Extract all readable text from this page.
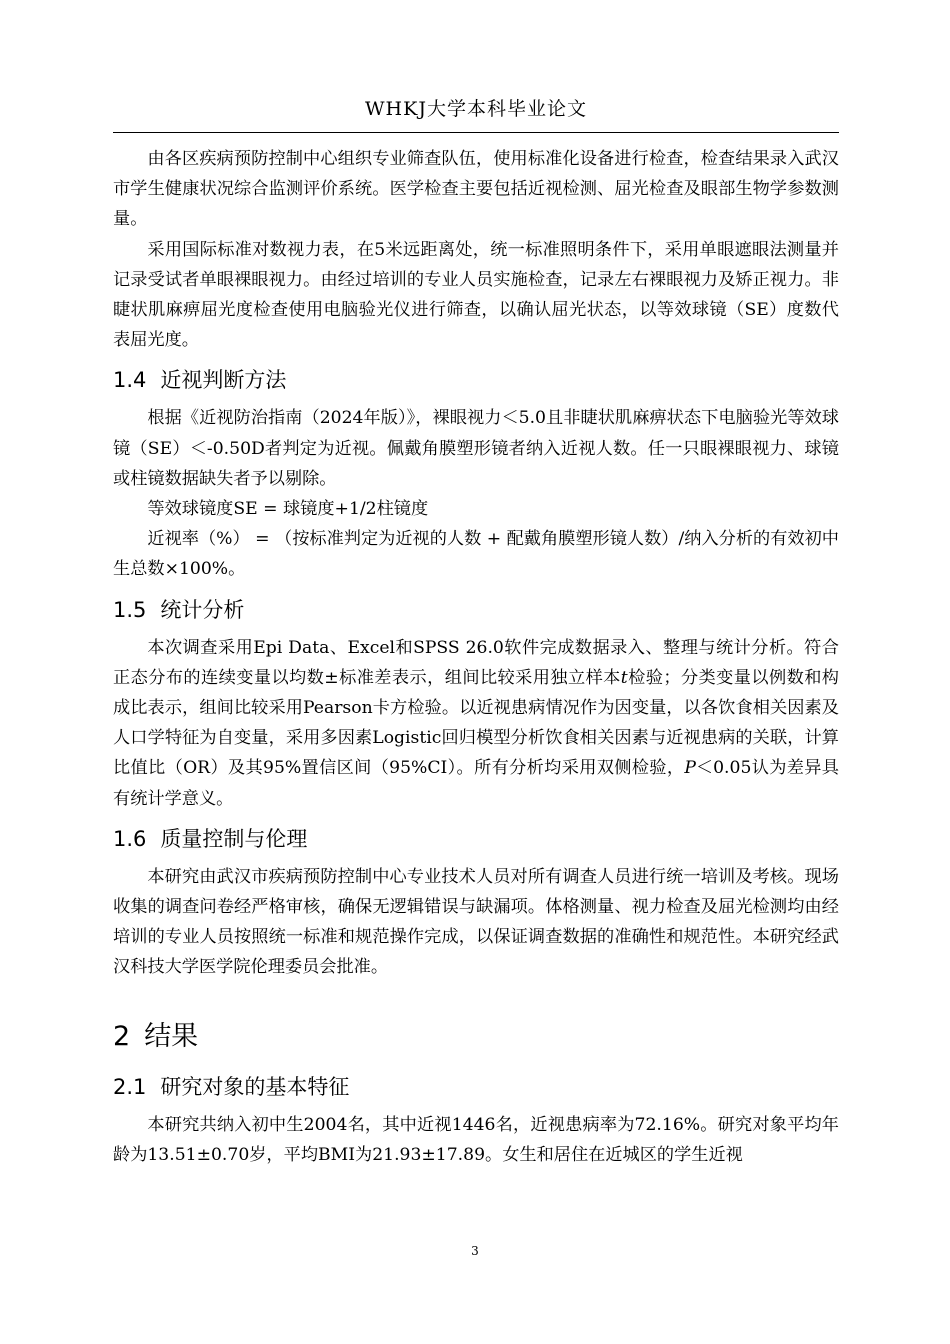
WHKJ大学本科毕业论文

由各区疾病预防控制中心组织专业筛查队伍，使用标准化设备进行检查，检查结果录入武汉市学生健康状况综合监测评价系统。医学检查主要包括近视检测、屈光检查及眼部生物学参数测量。

采用国际标准对数视力表，在5米远距离处，统一标准照明条件下，采用单眼遮眼法测量并记录受试者单眼裸眼视力。由经过培训的专业人员实施检查，记录左右裸眼视力及矫正视力。非睫状肌麻痹屈光度检查使用电脑验光仪进行筛查，以确认屈光状态，以等效球镜（SE）度数代表屈光度。

1.4 近视判断方法

根据《近视防治指南（2024年版）》，裸眼视力＜5.0且非睫状肌麻痹状态下电脑验光等效球镜（SE）＜-0.50D者判定为近视。佩戴角膜塑形镜者纳入近视人数。任一只眼裸眼视力、球镜或柱镜数据缺失者予以剔除。

等效球镜度SE = 球镜度+1/2柱镜度

近视率（%） = （按标准判定为近视的人数 + 配戴角膜塑形镜人数）/纳入分析的有效初中生总数×100%。

1.5 统计分析

本次调查采用Epi Data、Excel和SPSS 26.0软件完成数据录入、整理与统计分析。符合正态分布的连续变量以均数±标准差表示，组间比较采用独立样本t检验；分类变量以例数和构成比表示，组间比较采用Pearson卡方检验。以近视患病情况作为因变量，以各饮食相关因素及人口学特征为自变量，采用多因素Logistic回归模型分析饮食相关因素与近视患病的关联，计算比值比（OR）及其95%置信区间（95%CI）。所有分析均采用双侧检验，P＜0.05认为差异具有统计学意义。

1.6 质量控制与伦理

本研究由武汉市疾病预防控制中心专业技术人员对所有调查人员进行统一培训及考核。现场收集的调查问卷经严格审核，确保无逻辑错误与缺漏项。体格测量、视力检查及屈光检测均由经培训的专业人员按照统一标准和规范操作完成，以保证调查数据的准确性和规范性。本研究经武汉科技大学医学院伦理委员会批准。

2 结果
2.1 研究对象的基本特征

本研究共纳入初中生2004名，其中近视1446名，近视患病率为72.16%。研究对象平均年龄为13.51±0.70岁，平均BMI为21.93±17.89。女生和居住在近城区的学生近视

3
